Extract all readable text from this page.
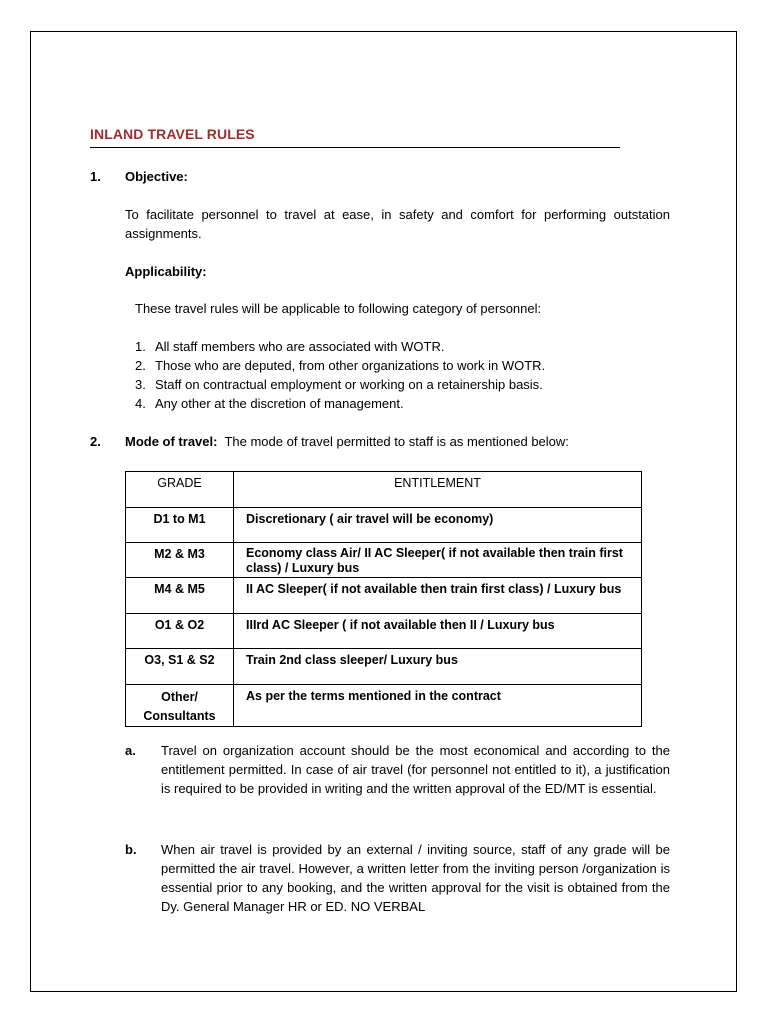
INLAND TRAVEL RULES
1. Objective:
To facilitate personnel to travel at ease, in safety and comfort for performing outstation assignments.
Applicability:
These travel rules will be applicable to following category of personnel:
1. All staff members who are associated with WOTR.
2. Those who are deputed, from other organizations to work in WOTR.
3. Staff on contractual employment or working on a retainership basis.
4. Any other at the discretion of management.
2. Mode of travel: The mode of travel permitted to staff is as mentioned below:
GRADE	ENTITLEMENT
D1 to M1	Discretionary ( air travel will be economy)
M2 & M3	Economy class Air/ II AC Sleeper( if not available then train first class) / Luxury bus
M4 & M5	II AC Sleeper( if not available then train first class) / Luxury bus
O1 & O2	IIIrd AC Sleeper ( if not available then II / Luxury bus
O3, S1 & S2	Train 2nd class sleeper/ Luxury bus
Other/ Consultants	As per the terms mentioned in the contract
a. Travel on organization account should be the most economical and according to the entitlement permitted. In case of air travel (for personnel not entitled to it), a justification is required to be provided in writing and the written approval of the ED/MT is essential.
b. When air travel is provided by an external / inviting source, staff of any grade will be permitted the air travel. However, a written letter from the inviting person /organization is essential prior to any booking, and the written approval for the visit is obtained from the Dy. General Manager HR or ED. NO VERBAL
